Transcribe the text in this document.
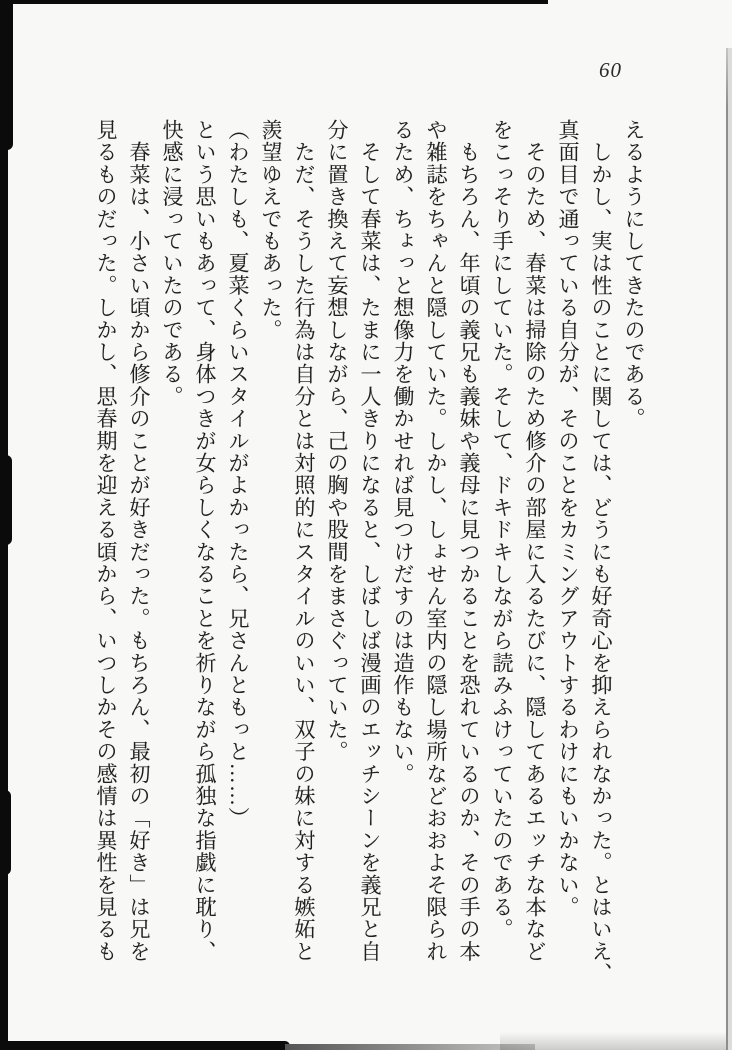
60

えるようにしてきたのである。

　しかし、実は性のことに関しては、どうにも好奇心を抑えられなかった。とはいえ、

真面目で通っている自分が、そのことをカミングアウトするわけにもいかない。

　そのため、春菜は掃除のため修介の部屋に入るたびに、隠してあるエッチな本など

をこっそり手にしていた。そして、ドキドキしながら読みふけっていたのである。

　もちろん、年頃の義兄も義妹や義母に見つかることを恐れているのか、その手の本

や雑誌をちゃんと隠していた。しかし、しょせん室内の隠し場所などおおよそ限られ

るため、ちょっと想像力を働かせれば見つけだすのは造作もない。

　そして春菜は、たまに一人きりになると、しばしば漫画のエッチシーンを義兄と自

分に置き換えて妄想しながら、己の胸や股間をまさぐっていた。

　ただ、そうした行為は自分とは対照的にスタイルのいい、双子の妹に対する嫉妬と

羨望ゆえでもあった。

（わたしも、夏菜くらいスタイルがよかったら、兄さんともっと……）

という思いもあって、身体つきが女らしくなることを祈りながら孤独な指戯に耽り、

快感に浸っていたのである。

　春菜は、小さい頃から修介のことが好きだった。もちろん、最初の「好き」は兄を

見るものだった。しかし、思春期を迎える頃から、いつしかその感情は異性を見るも
